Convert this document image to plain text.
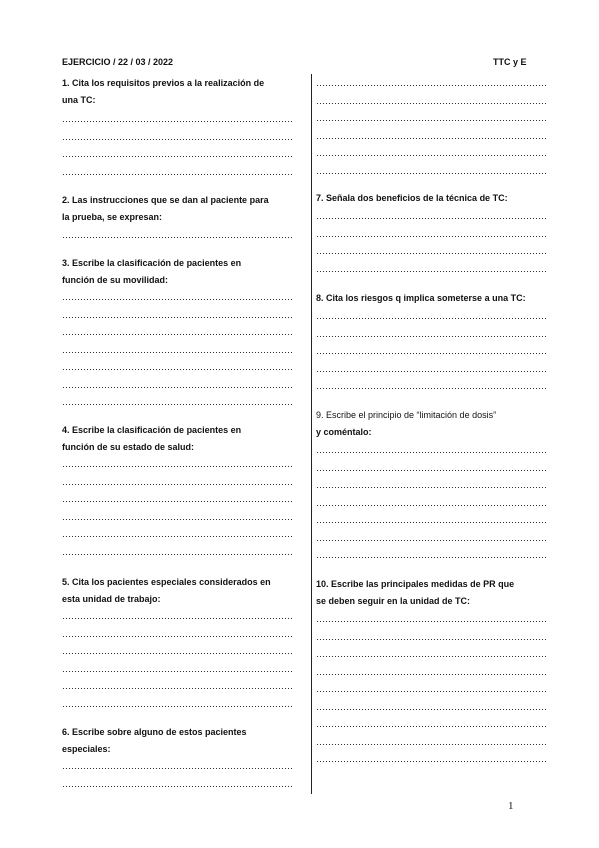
EJERCICIO / 22 / 03 / 2022	TTC y E
1. Cita los requisitos previos a la realización de
una TC:
2. Las instrucciones que se dan al paciente para
la prueba, se expresan:
3. Escribe la clasificación de pacientes en
función de su movilidad:
4. Escribe la clasificación de pacientes en
función de su estado de salud:
5. Cita los pacientes especiales considerados en
esta unidad de trabajo:
6. Escribe sobre alguno de estos pacientes
especiales:
7. Señala dos beneficios de la técnica de TC:
8. Cita los riesgos q implica someterse a una TC:
9. Escribe el principio de “limitación de dosis”
y coméntalo:
10. Escribe las principales medidas de PR que
se deben seguir en la unidad de TC:
1
